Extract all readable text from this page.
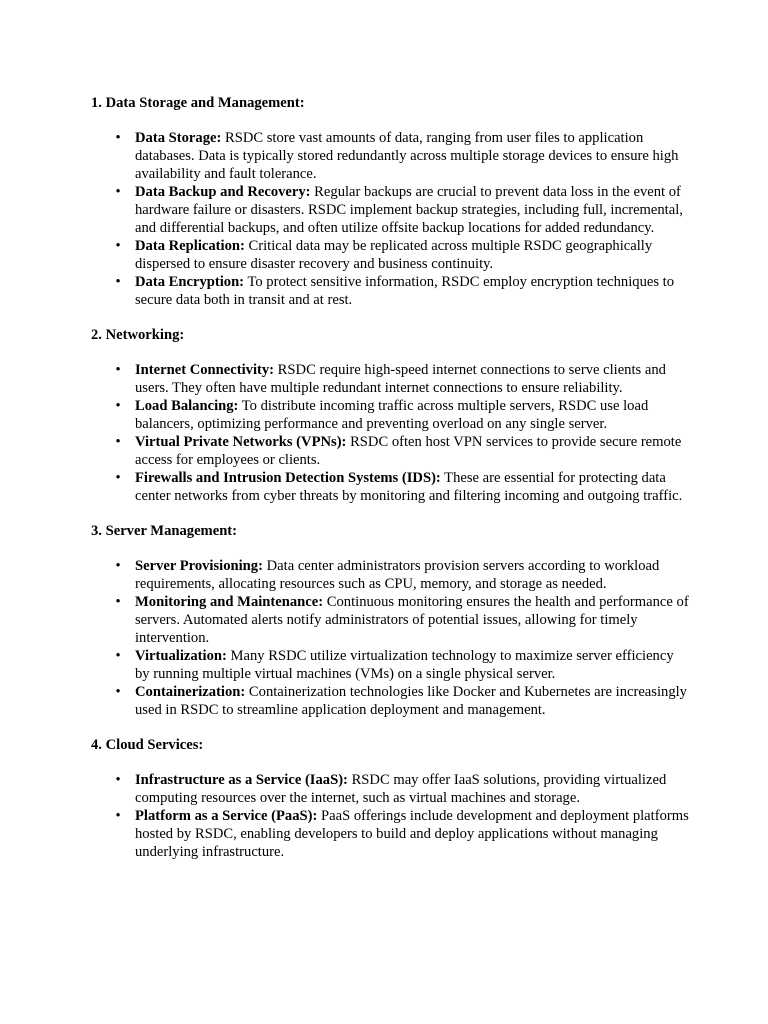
1. Data Storage and Management:
• Data Storage: RSDC store vast amounts of data, ranging from user files to application databases. Data is typically stored redundantly across multiple storage devices to ensure high availability and fault tolerance.
• Data Backup and Recovery: Regular backups are crucial to prevent data loss in the event of hardware failure or disasters. RSDC implement backup strategies, including full, incremental, and differential backups, and often utilize offsite backup locations for added redundancy.
• Data Replication: Critical data may be replicated across multiple RSDC geographically dispersed to ensure disaster recovery and business continuity.
• Data Encryption: To protect sensitive information, RSDC employ encryption techniques to secure data both in transit and at rest.
2. Networking:
• Internet Connectivity: RSDC require high-speed internet connections to serve clients and users. They often have multiple redundant internet connections to ensure reliability.
• Load Balancing: To distribute incoming traffic across multiple servers, RSDC use load balancers, optimizing performance and preventing overload on any single server.
• Virtual Private Networks (VPNs): RSDC often host VPN services to provide secure remote access for employees or clients.
• Firewalls and Intrusion Detection Systems (IDS): These are essential for protecting data center networks from cyber threats by monitoring and filtering incoming and outgoing traffic.
3. Server Management:
• Server Provisioning: Data center administrators provision servers according to workload requirements, allocating resources such as CPU, memory, and storage as needed.
• Monitoring and Maintenance: Continuous monitoring ensures the health and performance of servers. Automated alerts notify administrators of potential issues, allowing for timely intervention.
• Virtualization: Many RSDC utilize virtualization technology to maximize server efficiency by running multiple virtual machines (VMs) on a single physical server.
• Containerization: Containerization technologies like Docker and Kubernetes are increasingly used in RSDC to streamline application deployment and management.
4. Cloud Services:
• Infrastructure as a Service (IaaS): RSDC may offer IaaS solutions, providing virtualized computing resources over the internet, such as virtual machines and storage.
• Platform as a Service (PaaS): PaaS offerings include development and deployment platforms hosted by RSDC, enabling developers to build and deploy applications without managing underlying infrastructure.
